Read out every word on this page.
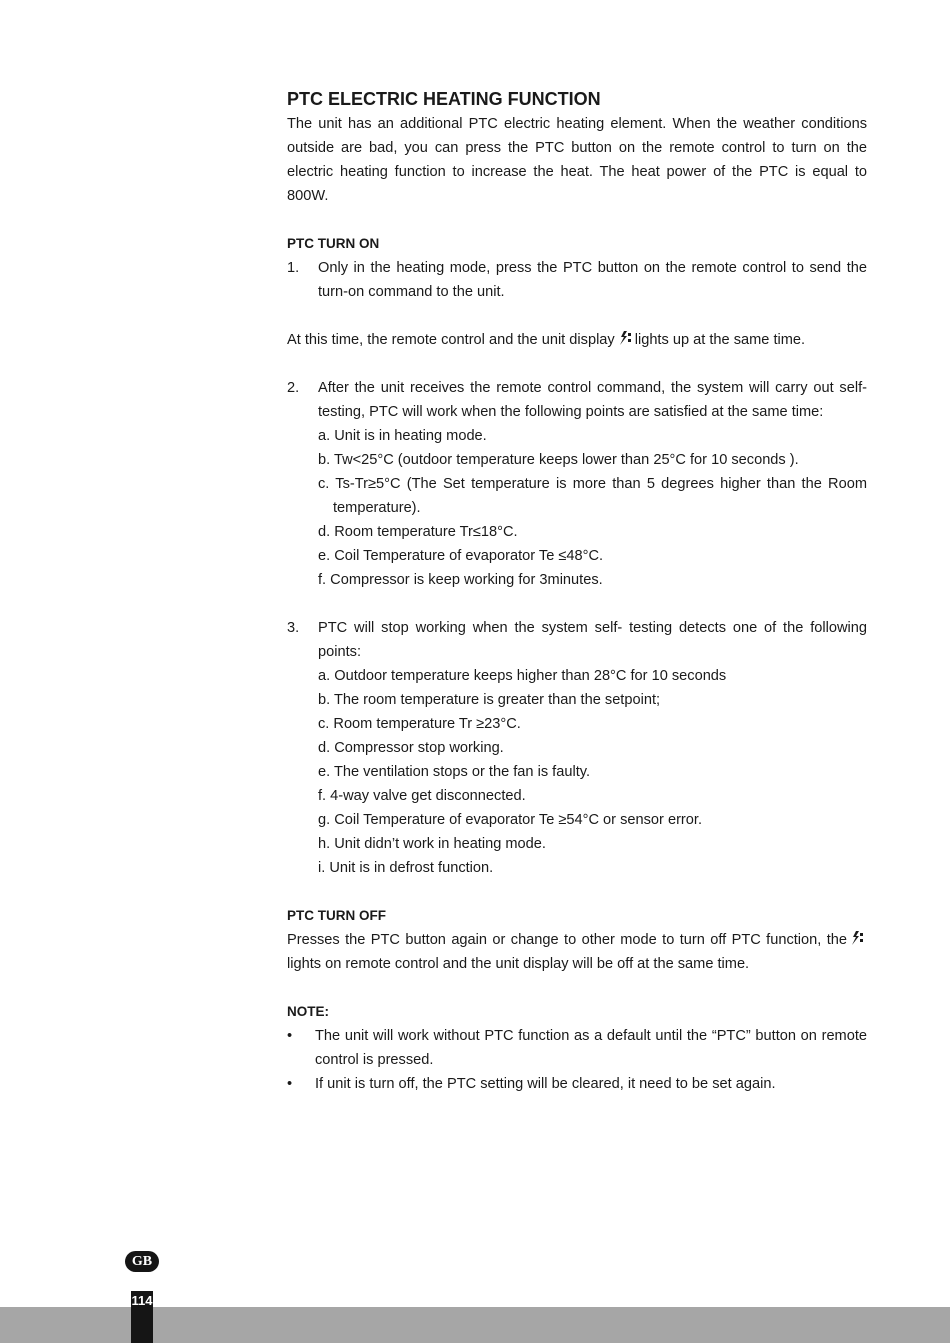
PTC ELECTRIC HEATING FUNCTION

The unit has an additional PTC electric heating element. When the weather conditions outside are bad, you can press the PTC button on the remote control to turn on the electric heating function to increase the heat. The heat power of the PTC is equal to 800W.

PTC TURN ON
1.	Only in the heating mode, press the PTC button on the remote control to send the turn-on command to the unit.

At this time, the remote control and the unit display lights up at the same time.

2.	After the unit receives the remote control command, the system will carry out self-testing, PTC will work when the following points are satisfied at the same time:
a. Unit is in heating mode.
b. Tw<25°C (outdoor temperature keeps lower than 25°C for 10 seconds ).
c. Ts-Tr≥5°C (The Set temperature is more than 5 degrees higher than the Room temperature).
d. Room temperature Tr≤18°C.
e. Coil Temperature of evaporator Te ≤48°C.
f. Compressor is keep working for 3minutes.
3.	PTC will stop working when the system self- testing detects one of the following points:
a. Outdoor temperature keeps higher than 28°C for 10 seconds
b. The room temperature is greater than the setpoint;
c. Room temperature Tr ≥23°C.
d. Compressor stop working.
e. The ventilation stops or the fan is faulty.
f. 4-way valve get disconnected.
g. Coil Temperature of evaporator Te ≥54°C or sensor error.
h. Unit didn’t work in heating mode.
i. Unit is in defrost function.
PTC TURN OFF

Presses the PTC button again or change to other mode to turn off PTC function, thelights on remote control and the unit display will be off at the same time.

NOTE:
•	The unit will work without PTC function as a default until the “PTC” button on remote control is pressed.
•	If unit is turn off, the PTC setting will be cleared, it need to be set again.
GB
114
